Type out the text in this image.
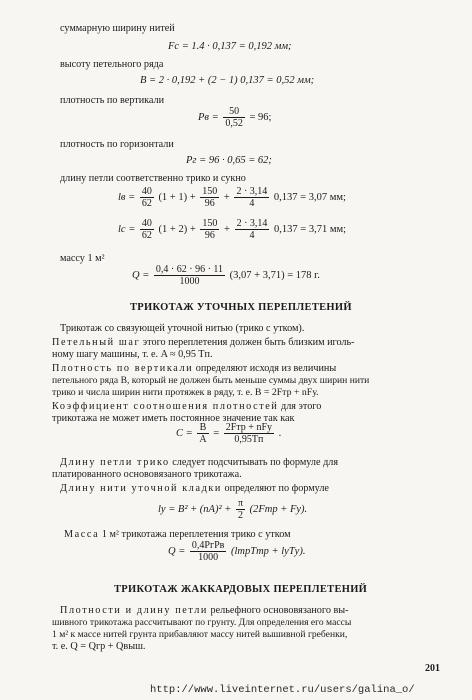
суммарную ширину нитей
Fс = 1.4 · 0,137 = 0,192 мм;
высоту петельного ряда
B = 2 · 0,192 + (2 − 1) 0,137 = 0,52 мм;
плотность по вертикали
Pв = $\frac{50}{0,52} = 96$;
плотность по горизонтали
Pг = 96 · 0,65 = 62;
длину петли соответственно трико и сукно
lв = $\frac{40}{62} (1 + 1) + \frac{150}{96} + \frac{2 \cdot 3,14}{4} 0,137 = 3,07$ мм;
lс = $\frac{40}{62} (1 + 2) + \frac{150}{96} + \frac{2 \cdot 3,14}{4} 0,137 = 3,71$ мм;
массу 1 м²
$Q = \frac{0,4 \cdot 62 \cdot 96 \cdot 11}{1000} (3,07 + 3,71) = 178$ г.
ТРИКОТАЖ УТОЧНЫХ ПЕРЕПЛЕТЕНИЙ
Трикотаж со связующей уточной нитью (трико с утком).
Петельный шаг этого переплетения должен быть близким иголь-
ному шагу машины, т. е. A ≈ 0,95 Tп.
Плотность по вертикали определяют исходя из величины
петельного ряда B, который не должен быть меньше суммы двух ширин нити
трико и числа ширин нити протяжек в ряду, т. е. B = 2Fтр + nFу.
Коэффициент соотношения плотностей для этого
трикотажа не может иметь постоянное значение так как
$C = \frac{B}{A} = \frac{\text{2Fтр + nFу}}{0,95Tп}$ .
Длину петли трико следует подсчитывать по формуле для
платированного основовязаного трикотажа.
Длину нити уточной кладки определяют по формуле
lу = $B^2 + (nA)^2 + \frac{\pi}{2} (2Fтр + Fу)$.
Масса 1 м² трикотажа переплетения трико с утком
$Q = \frac{\text{0,4PгPв}}{1000}$ (lтрTтр + lуTу).
ТРИКОТАЖ ЖАККАРДОВЫХ ПЕРЕПЛЕТЕНИЙ
Плотности и длину петли рельефного основовязаного вы-
шивного трикотажа рассчитывают по грунту. Для определения его массы
1 м² к массе нитей грунта прибавляют массу нитей вышивной гребенки,
т. е. Q = Qгр + Qвыш.
201
http://www.liveinternet.ru/users/galina_o/
